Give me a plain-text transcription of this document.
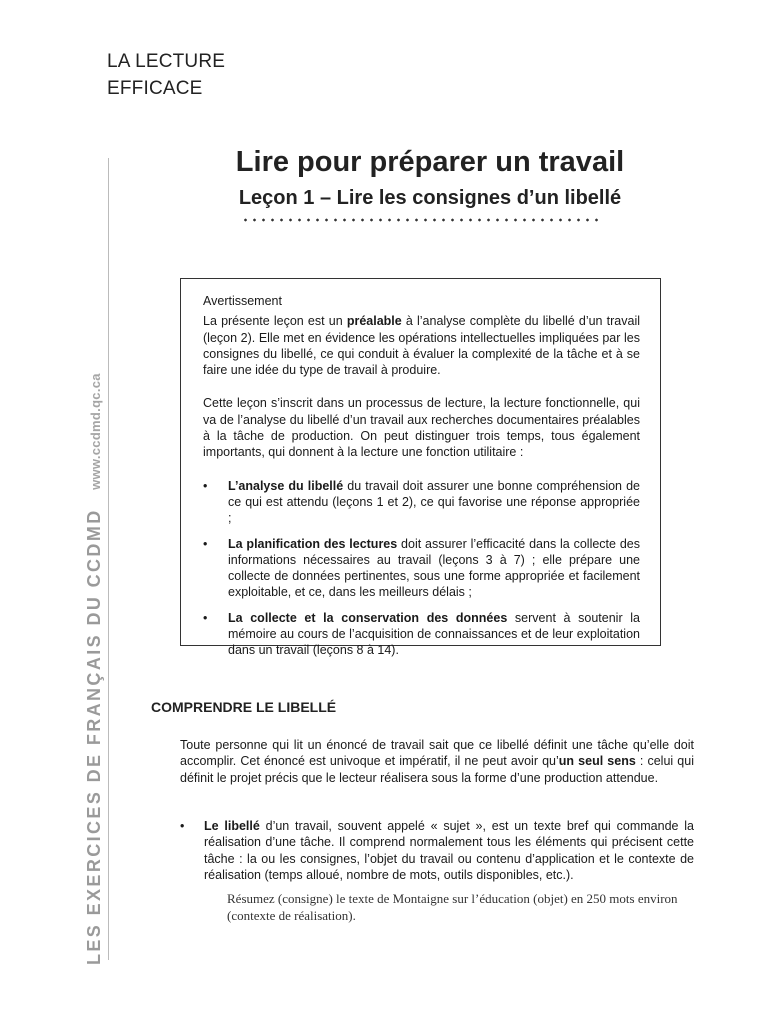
LA LECTURE
EFFICACE
LES EXERCICES DE FRANÇAIS DU CCDMD www.ccdmd.qc.ca
Lire pour préparer un travail
Leçon 1 – Lire les consignes d’un libellé
Avertissement

La présente leçon est un préalable à l’analyse complète du libellé d’un travail (leçon 2). Elle met en évidence les opérations intellectuelles impliquées par les consignes du libellé, ce qui conduit à évaluer la complexité de la tâche et à se faire une idée du type de travail à produire.

Cette leçon s’inscrit dans un processus de lecture, la lecture fonctionnelle, qui va de l’analyse du libellé d’un travail aux recherches documentaires préalables à la tâche de production. On peut distinguer trois temps, tous également importants, qui donnent à la lecture une fonction utilitaire :

• L’analyse du libellé du travail doit assurer une bonne compréhension de ce qui est attendu (leçons 1 et 2), ce qui favorise une réponse appropriée ;
• La planification des lectures doit assurer l’efficacité dans la collecte des informations nécessaires au travail (leçons 3 à 7) ; elle prépare une collecte de données pertinentes, sous une forme appropriée et facilement exploitable, et ce, dans les meilleurs délais ;
• La collecte et la conservation des données servent à soutenir la mémoire au cours de l’acquisition de connaissances et de leur exploitation dans un travail (leçons 8 à 14).
COMPRENDRE LE LIBELLÉ

Toute personne qui lit un énoncé de travail sait que ce libellé définit une tâche qu’elle doit accomplir. Cet énoncé est univoque et impératif, il ne peut avoir qu’un seul sens : celui qui définit le projet précis que le lecteur réalisera sous la forme d’une production attendue.

•	Le libellé d’un travail, souvent appelé « sujet », est un texte bref qui commande la réalisation d’une tâche. Il comprend normalement tous les éléments qui précisent cette tâche : la ou les consignes, l’objet du travail ou contenu d’application et le contexte de réalisation (temps alloué, nombre de mots, outils disponibles, etc.).

Résumez (consigne) le texte de Montaigne sur l’éducation (objet) en 250 mots environ (contexte de réalisation).
